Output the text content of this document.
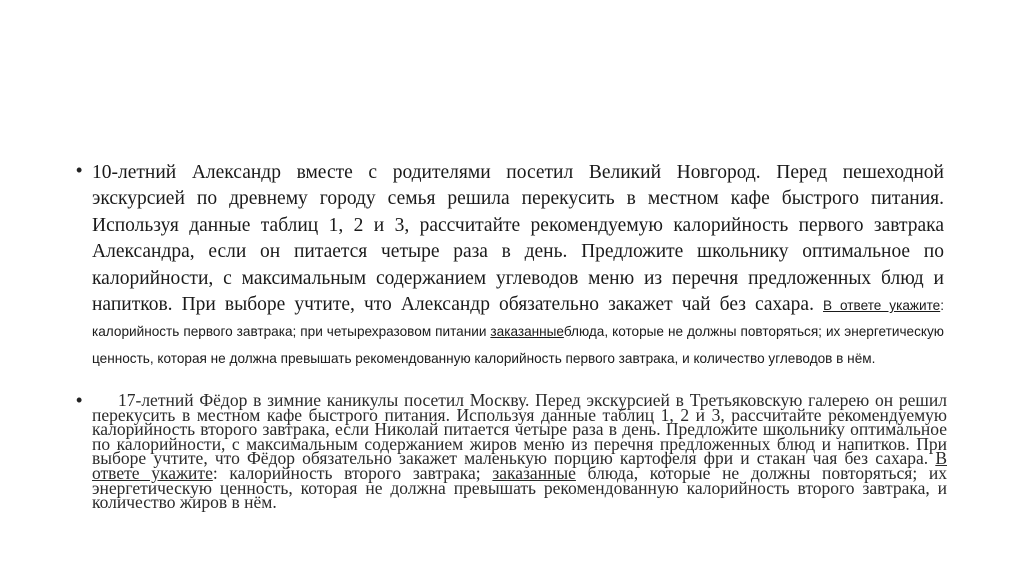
• 10-летний Александр вместе с родителями посетил Великий Новгород. Перед пешеходной экскурсией по древнему городу семья решила перекусить в местном кафе быстрого питания. Используя данные таблиц 1, 2 и 3, рассчитайте рекомендуемую калорийность первого завтрака Александра, если он питается четыре раза в день. Предложите школьнику оптимальное по калорийности, с максимальным содержанием углеводов меню из перечня предложенных блюд и напитков. При выборе учтите, что Александр обязательно закажет чай без сахара. В ответе укажите: калорийность первого завтрака; при четырехразовом питании заказанныеблюда, которые не должны повторяться; их энергетическую ценность, которая не должна превышать рекомендованную калорийность первого завтрака, и количество углеводов в нём.

•	17-летний Фёдор в зимние каникулы посетил Москву. Перед экскурсией в Третьяковскую галерею он решил перекусить в местном кафе быстрого питания. Используя данные таблиц 1, 2 и 3, рассчитайте рекомендуемую калорийность второго завтрака, если Николай питается четыре раза в день. Предложите школьнику оптимальное по калорийности, с максимальным содержанием жиров меню из перечня предложенных блюд и напитков. При выборе учтите, что Фёдор обязательно закажет маленькую порцию картофеля фри и стакан чая без сахара. В ответе укажите: калорийность второго завтрака; заказанные блюда, которые не должны повторяться; их энергетическую ценность, которая не должна превышать рекомендованную калорийность второго завтрака, и количество жиров в нём.
